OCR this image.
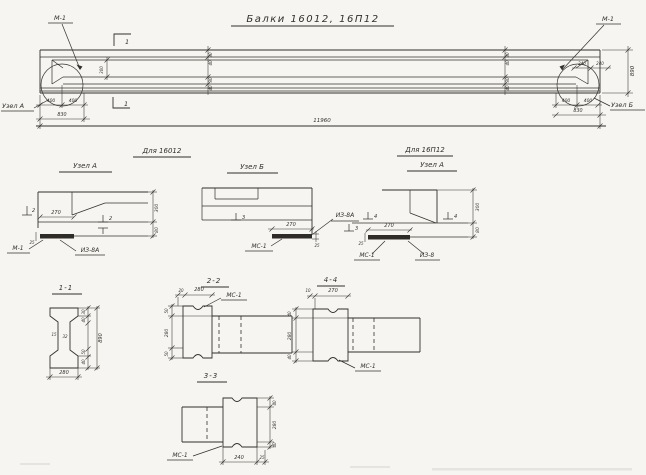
Балки 16012, 16П12
М-1	М-1
Узел А	Узел Б
1
1
400	400
830
400	400
830
11960
890
300
240	240
30
40
30
40
30
40
30
40
Для 16012
Узел А	Узел Б
Для 16П12
Узел А
270
25
2
2
300
80
М-1	ИЗ-8А
270
25
3
3
МС-1
ИЗ-8А
270
25
4	4
300
80
МС-1	ИЗ-8
1-1
15 32
30
40
50
40
890
280
2-2
20 280
50
280
50
МС-1
4-4
10	270
40
280
40
МС-1
3-3
40
280
40
240	25
МС-1
